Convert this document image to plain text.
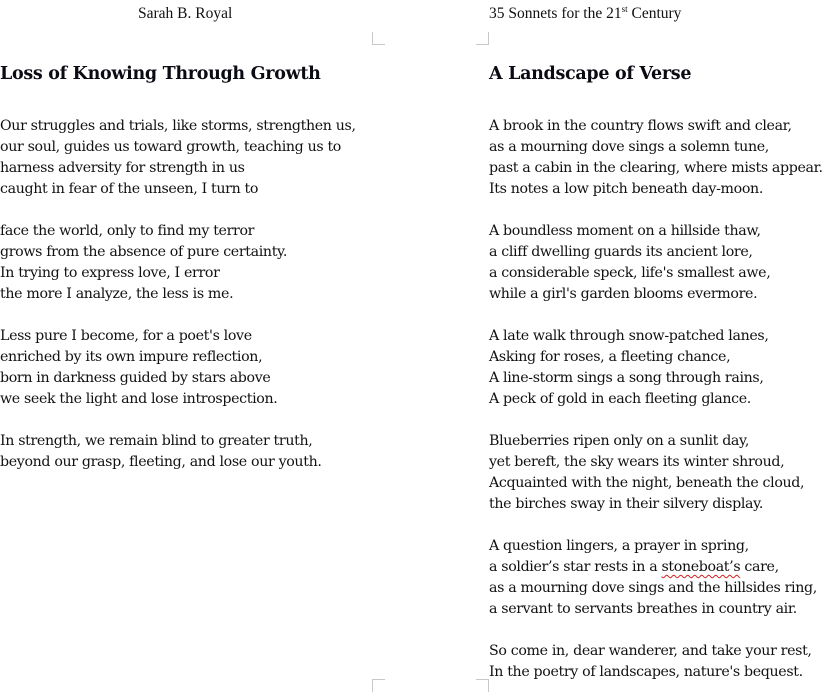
Sarah B. Royal
Loss of Knowing Through Growth
Our struggles and trials, like storms, strengthen us,
our soul, guides us toward growth, teaching us to
harness adversity for strength in us
caught in fear of the unseen, I turn to
face the world, only to find my terror
grows from the absence of pure certainty.
In trying to express love, I error
the more I analyze, the less is me.
Less pure I become, for a poet's love
enriched by its own impure reflection,
born in darkness guided by stars above
we seek the light and lose introspection.
In strength, we remain blind to greater truth,
beyond our grasp, fleeting, and lose our youth.
35 Sonnets for the 21st Century
A Landscape of Verse
A brook in the country flows swift and clear,
as a mourning dove sings a solemn tune,
past a cabin in the clearing, where mists appear.
Its notes a low pitch beneath day-moon.
A boundless moment on a hillside thaw,
a cliff dwelling guards its ancient lore,
a considerable speck, life's smallest awe,
while a girl's garden blooms evermore.
A late walk through snow-patched lanes,
Asking for roses, a fleeting chance,
A line-storm sings a song through rains,
A peck of gold in each fleeting glance.
Blueberries ripen only on a sunlit day,
yet bereft, the sky wears its winter shroud,
Acquainted with the night, beneath the cloud,
the birches sway in their silvery display.
A question lingers, a prayer in spring,
a soldier’s star rests in a stoneboat’s care,
as a mourning dove sings and the hillsides ring,
a servant to servants breathes in country air.
So come in, dear wanderer, and take your rest,
In the poetry of landscapes, nature's bequest.
